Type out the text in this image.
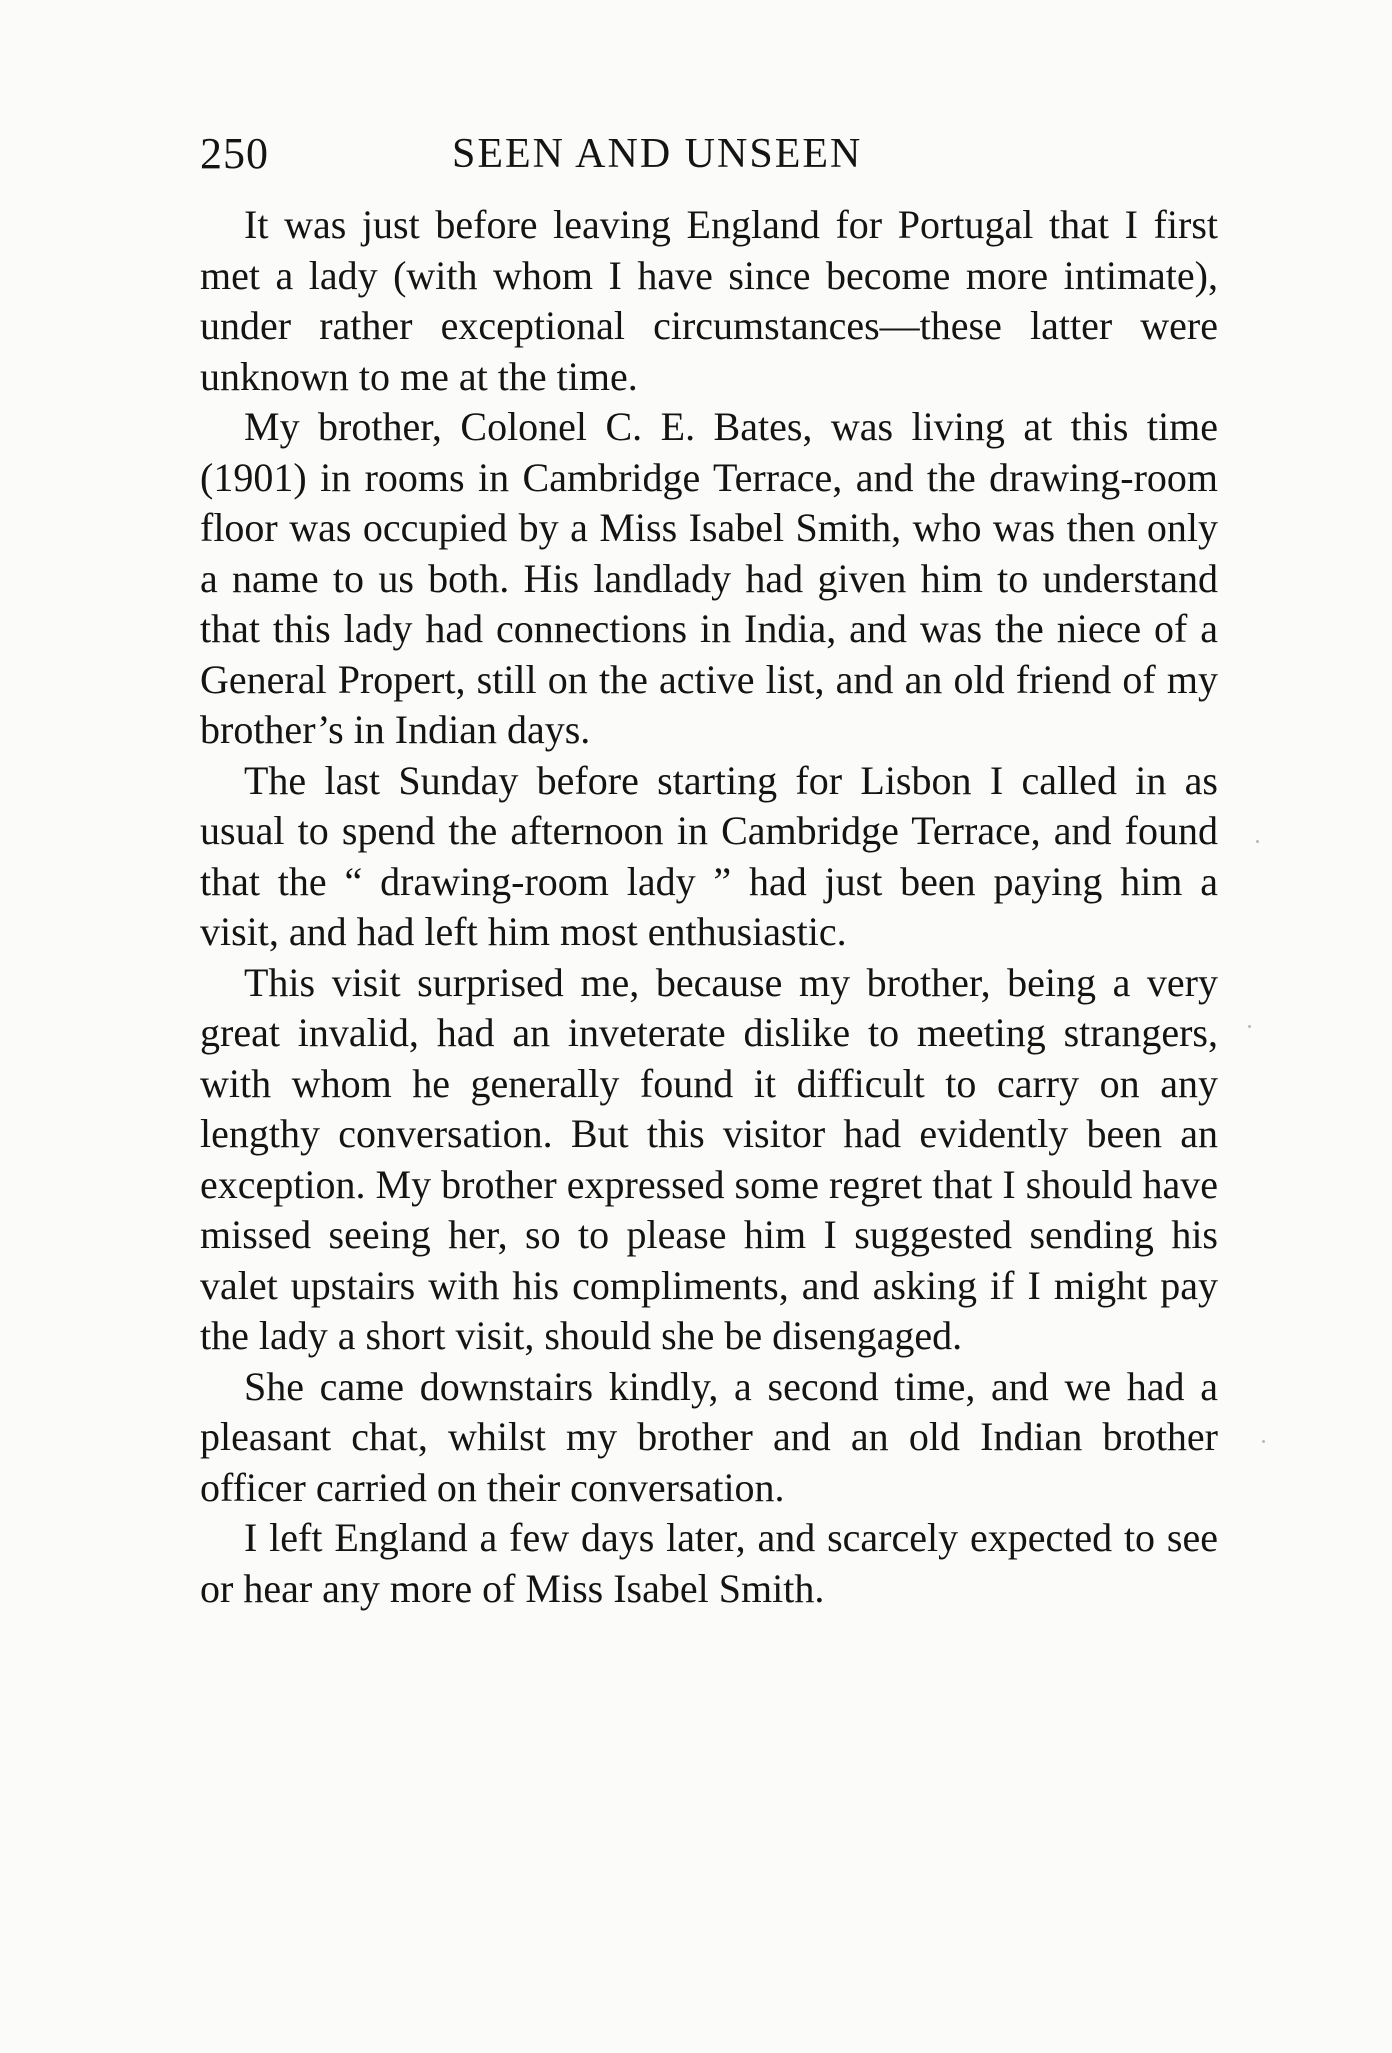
250	SEEN AND UNSEEN

It was just before leaving England for Portugal that I first met a lady (with whom I have since become more intimate), under rather exceptional circumstances—these latter were unknown to me at the time.

My brother, Colonel C. E. Bates, was living at this time (1901) in rooms in Cambridge Terrace, and the drawing-room floor was occupied by a Miss Isabel Smith, who was then only a name to us both. His landlady had given him to understand that this lady had connections in India, and was the niece of a General Propert, still on the active list, and an old friend of my brother’s in Indian days.

The last Sunday before starting for Lisbon I called in as usual to spend the afternoon in Cambridge Terrace, and found that the “ drawing-room lady ” had just been paying him a visit, and had left him most enthusiastic.

This visit surprised me, because my brother, being a very great invalid, had an inveterate dislike to meeting strangers, with whom he generally found it difficult to carry on any lengthy conversation. But this visitor had evidently been an exception. My brother expressed some regret that I should have missed seeing her, so to please him I suggested sending his valet upstairs with his compliments, and asking if I might pay the lady a short visit, should she be disengaged.

She came downstairs kindly, a second time, and we had a pleasant chat, whilst my brother and an old Indian brother officer carried on their conversation.

I left England a few days later, and scarcely expected to see or hear any more of Miss Isabel Smith.
